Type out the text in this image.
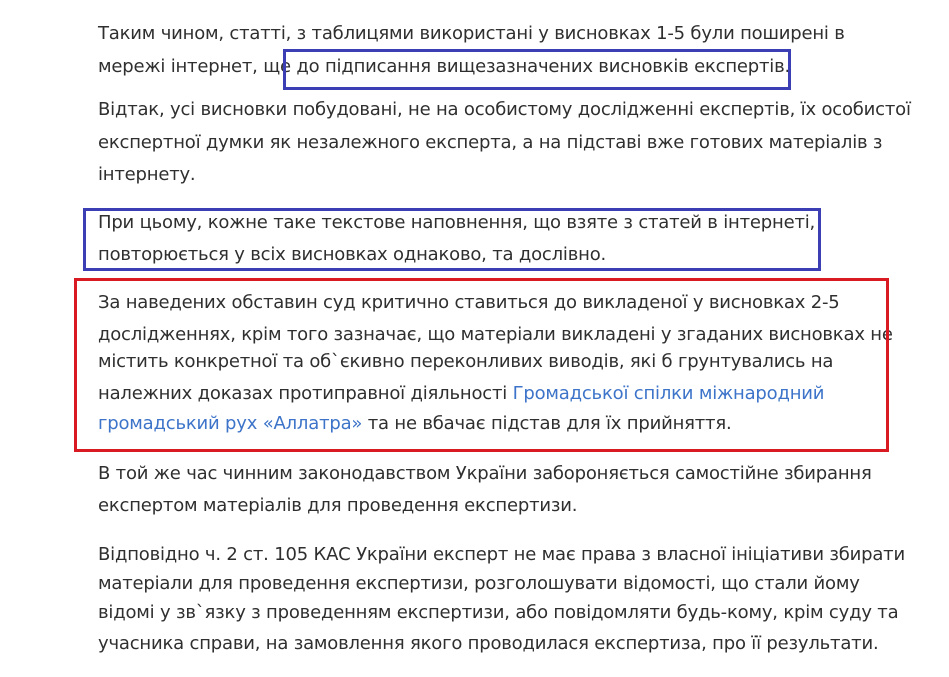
Таким чином, статті, з таблицями використані у висновках 1-5 були поширені в
мережі інтернет, ще до підписання вищезазначених висновків експертів.
Відтак, усі висновки побудовані, не на особистому дослідженні експертів, їх особистої
експертної думки як незалежного експерта, а на підставі вже готових матеріалів з
інтернету.
При цьому, кожне таке текстове наповнення, що взяте з статей в інтернеті,
повторюється у всіх висновках однаково, та дослівно.
За наведених обставин суд критично ставиться до викладеної у висновках 2-5
дослідженнях, крім того зазначає, що матеріали викладені у згаданих висновках не
містить конкретної та об`єкивно переконливих виводів, які б грунтувались на
належних доказах протиправної діяльності Громадської спілки міжнародний
громадський рух «Аллатра» та не вбачає підстав для їх прийняття.
В той же час чинним законодавством України забороняється самостійне збирання
експертом матеріалів для проведення експертизи.
Відповідно ч. 2 ст. 105 КАС України експерт не має права з власної ініціативи збирати
матеріали для проведення експертизи, розголошувати відомості, що стали йому
відомі у зв`язку з проведенням експертизи, або повідомляти будь-кому, крім суду та
учасника справи, на замовлення якого проводилася експертиза, про її результати.
